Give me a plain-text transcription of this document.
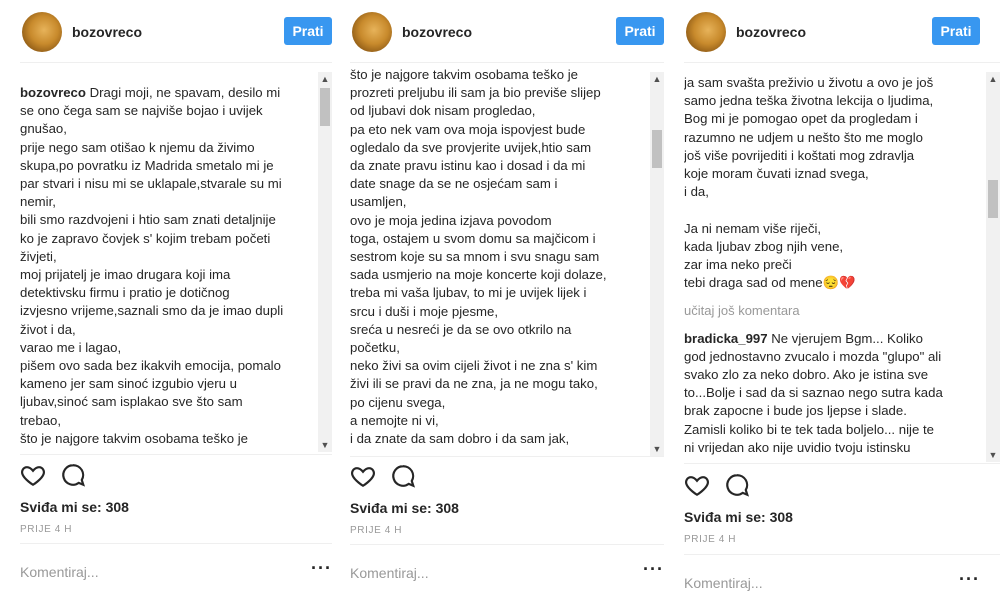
bozovreco	Prati
bozovreco Dragi moji, ne spavam, desilo mi
se ono čega sam se najviše bojao i uvijek
gnušao,
prije nego sam otišao k njemu da živimo
skupa,po povratku iz Madrida smetalo mi je
par stvari i nisu mi se uklapale,stvarale su mi
nemir,
bili smo razdvojeni i htio sam znati detaljnije
ko je zapravo čovjek s' kojim trebam početi
živjeti,
moj prijatelj je imao drugara koji ima
detektivsku firmu i pratio je dotičnog
izvjesno vrijeme,saznali smo da je imao dupli
život i da,
varao me i lagao,
pišem ovo sada bez ikakvih emocija, pomalo
kameno jer sam sinoć izgubio vjeru u
ljubav,sinoć sam isplakao sve što sam
trebao,
što je najgore takvim osobama teško je
▲
▼
Sviđa mi se: 308
PRIJE 4 H
Komentiraj...	···
bozovreco	Prati
što je najgore takvim osobama teško je
prozreti preljubu ili sam ja bio previše slijep
od ljubavi dok nisam progledao,
pa eto nek vam ova moja ispovjest bude
ogledalo da sve provjerite uvijek,htio sam
da znate pravu istinu kao i dosad i da mi
date snage da se ne osjećam sam i
usamljen,
ovo je moja jedina izjava povodom
toga, ostajem u svom domu sa majčicom i
sestrom koje su sa mnom i svu snagu sam
sada usmjerio na moje koncerte koji dolaze,
treba mi vaša ljubav, to mi je uvijek lijek i
srcu i duši i moje pjesme,
sreća u nesreći je da se ovo otkrilo na
početku,
neko živi sa ovim cijeli život i ne zna s' kim
živi ili se pravi da ne zna, ja ne mogu tako,
po cijenu svega,
a nemojte ni vi,
i da znate da sam dobro i da sam jak,
▲
▼
Sviđa mi se: 308
PRIJE 4 H
Komentiraj...	···
bozovreco	Prati
ja sam svašta preživio u životu a ovo je još
samo jedna teška životna lekcija o ljudima,
Bog mi je pomogao opet da progledam i
razumno ne udjem u nešto što me moglo
još više povrijediti i koštati mog zdravlja
koje moram čuvati iznad svega,
i da,

Ja ni nemam više riječi,
kada ljubav zbog njih vene,
zar ima neko preči
tebi draga sad od mene😔💔
učitaj još komentara
bradicka_997 Ne vjerujem Bgm... Koliko
god jednostavno zvucalo i mozda "glupo" ali
svako zlo za neko dobro. Ako je istina sve
to...Bolje i sad da si saznao nego sutra kada
brak zapocne i bude jos ljepse i slade.
Zamisli koliko bi te tek tada boljelo... nije te
ni vrijedan ako nije uvidio tvoju istinsku
▲
▼
Sviđa mi se: 308
PRIJE 4 H
Komentiraj...	···
